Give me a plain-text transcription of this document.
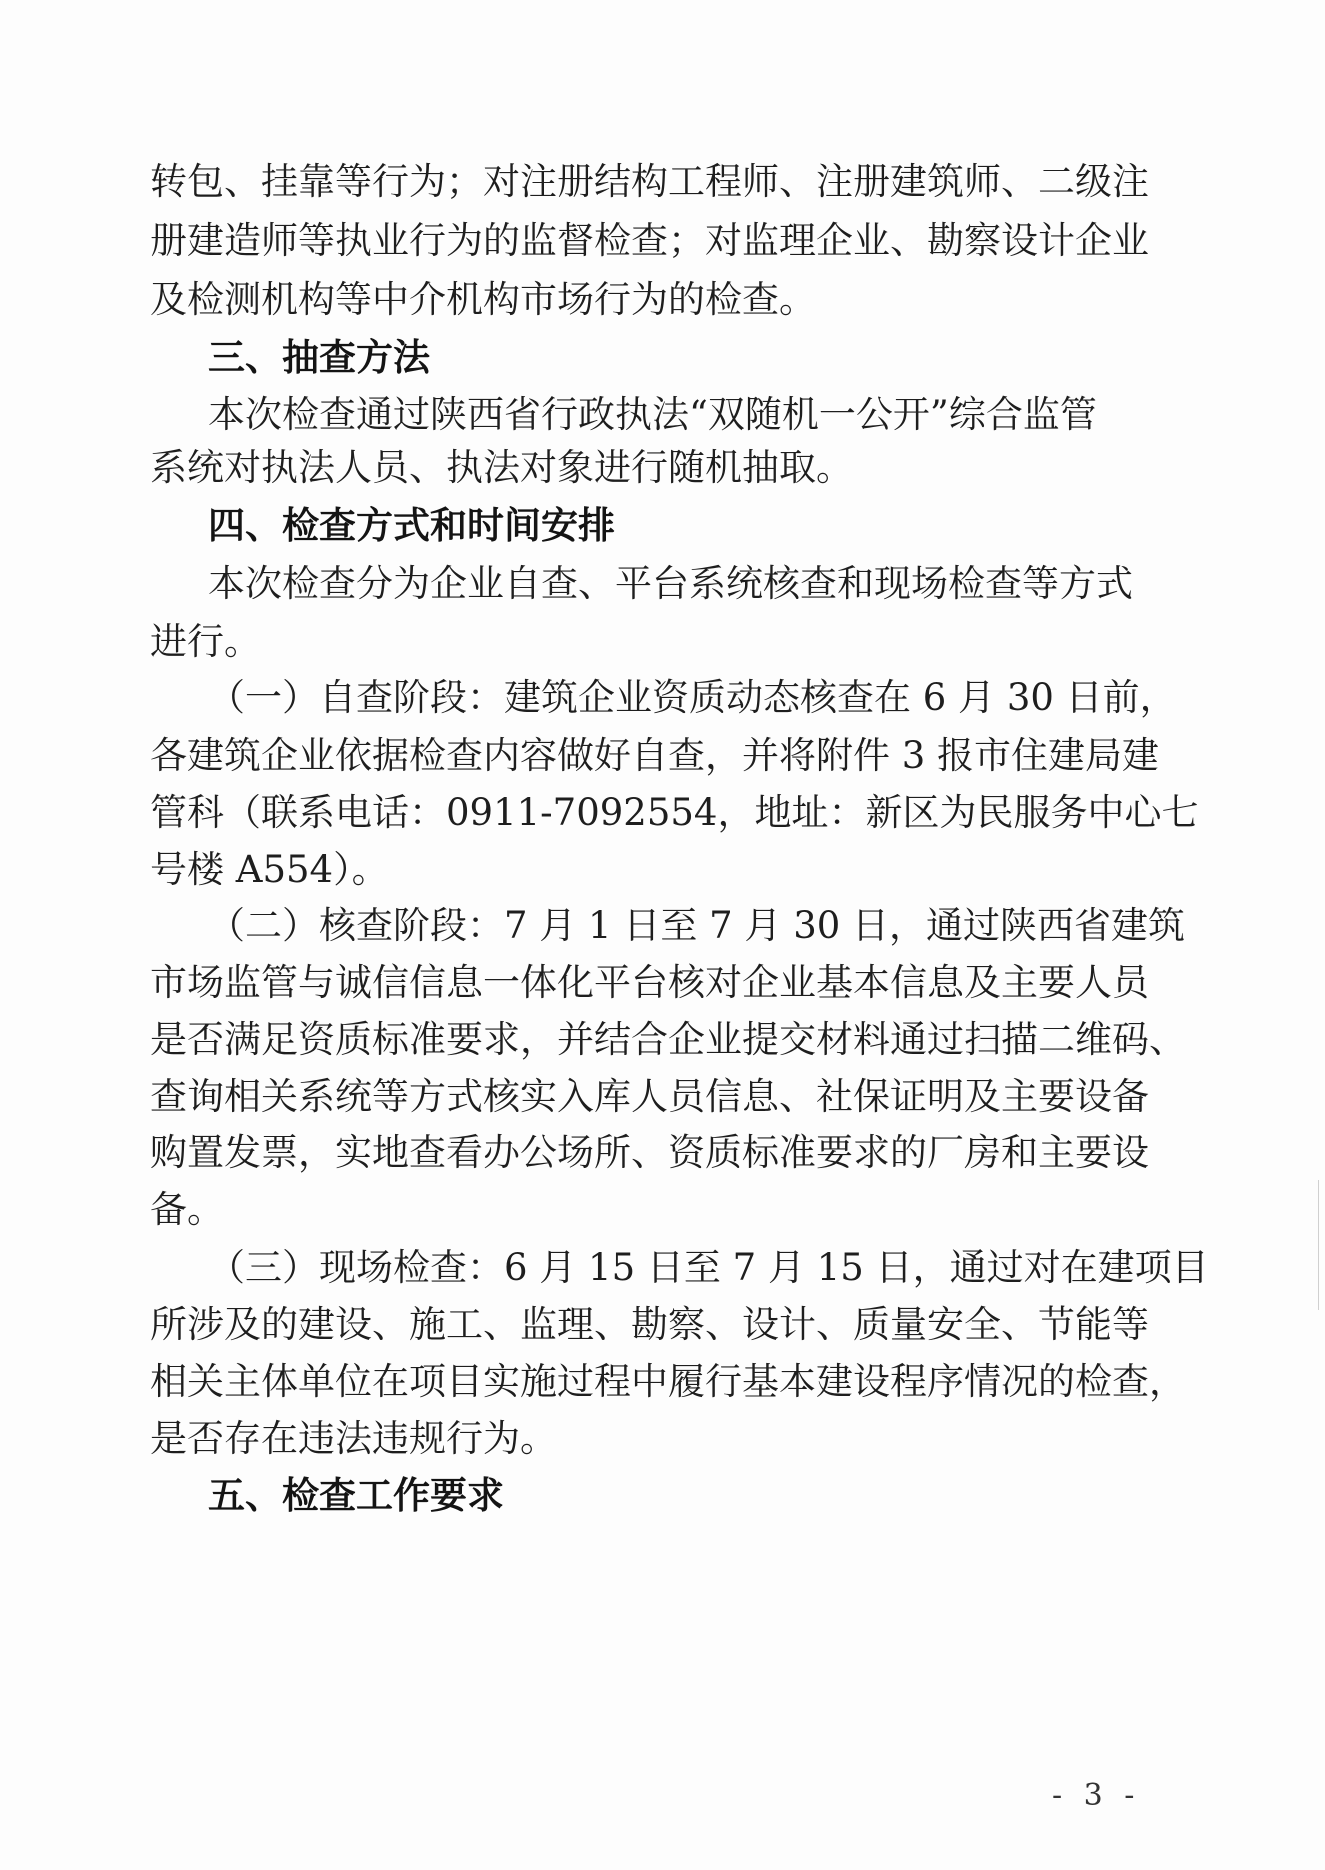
转包、挂靠等行为；对注册结构工程师、注册建筑师、二级注

册建造师等执业行为的监督检查；对监理企业、勘察设计企业

及检测机构等中介机构市场行为的检查。

三、抽查方法

本次检查通过陕西省行政执法“双随机一公开”综合监管

系统对执法人员、执法对象进行随机抽取。

四、检查方式和时间安排

本次检查分为企业自查、平台系统核查和现场检查等方式

进行。

（一）自查阶段：建筑企业资质动态核查在 6 月 30 日前，

各建筑企业依据检查内容做好自查，并将附件 3 报市住建局建

管科（联系电话：0911-7092554，地址：新区为民服务中心七

号楼 A554）。

（二）核查阶段：7 月 1 日至 7 月 30 日，通过陕西省建筑

市场监管与诚信信息一体化平台核对企业基本信息及主要人员

是否满足资质标准要求，并结合企业提交材料通过扫描二维码、

查询相关系统等方式核实入库人员信息、社保证明及主要设备

购置发票，实地查看办公场所、资质标准要求的厂房和主要设

备。

（三）现场检查：6 月 15 日至 7 月 15 日，通过对在建项目

所涉及的建设、施工、监理、勘察、设计、质量安全、节能等

相关主体单位在项目实施过程中履行基本建设程序情况的检查，

是否存在违法违规行为。

五、检查工作要求

- 3 -
